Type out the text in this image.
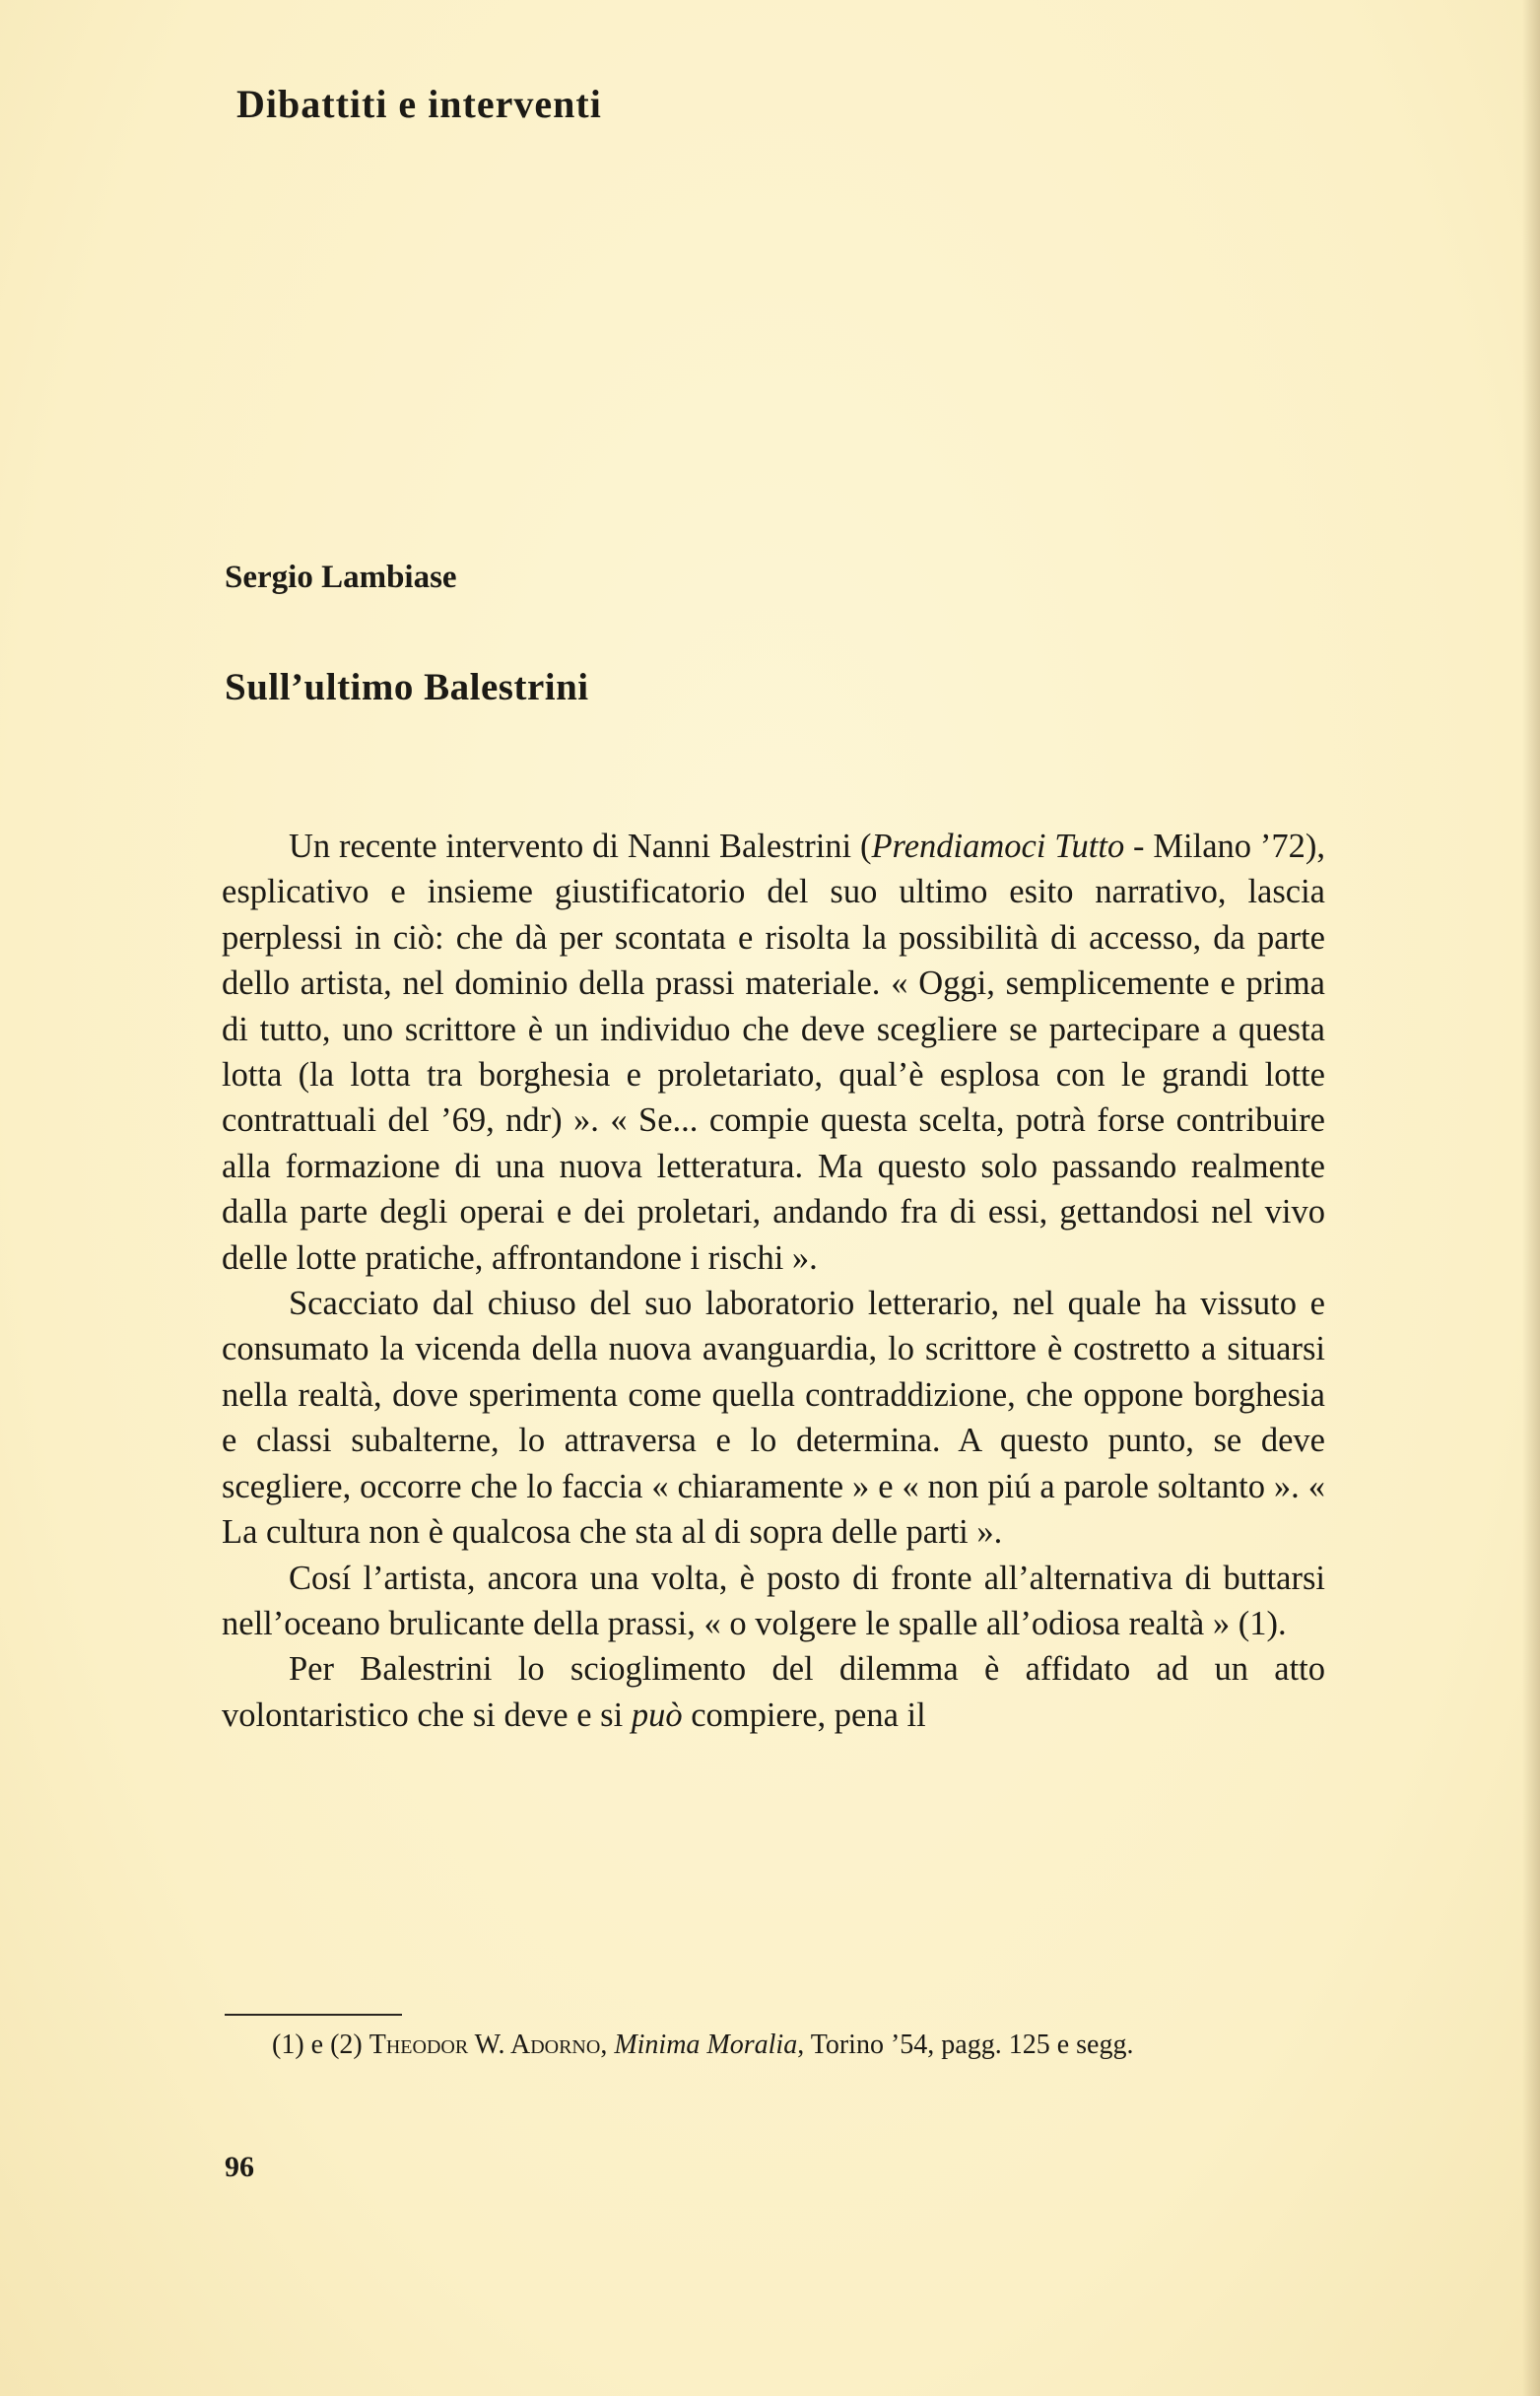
Dibattiti e interventi
Sergio Lambiase
Sull’ultimo Balestrini

Un recente intervento di Nanni Balestrini (Prendiamoci Tutto - Milano ’72), esplicativo e insieme giustificatorio del suo ultimo esito narrativo, lascia perplessi in ciò: che dà per scontata e risolta la possibilità di accesso, da parte dello artista, nel dominio della prassi materiale. « Oggi, semplicemente e prima di tutto, uno scrittore è un individuo che deve scegliere se partecipare a questa lotta (la lotta tra borghesia e proletariato, qual’è esplosa con le grandi lotte contrattuali del ’69, ndr) ». « Se... compie questa scelta, potrà forse contribuire alla formazione di una nuova letteratura. Ma questo solo passando realmente dalla parte degli operai e dei proletari, andando fra di essi, gettandosi nel vivo delle lotte pratiche, affrontandone i rischi ».

Scacciato dal chiuso del suo laboratorio letterario, nel quale ha vissuto e consumato la vicenda della nuova avanguardia, lo scrittore è costretto a situarsi nella realtà, dove sperimenta come quella contraddizione, che oppone borghesia e classi subalterne, lo attraversa e lo determina. A questo punto, se deve scegliere, occorre che lo faccia « chiaramente » e « non piú a parole soltanto ». « La cultura non è qualcosa che sta al di sopra delle parti ».

Cosí l’artista, ancora una volta, è posto di fronte all’alternativa di buttarsi nell’oceano brulicante della prassi, « o volgere le spalle all’odiosa realtà » (1).

Per Balestrini lo scioglimento del dilemma è affidato ad un atto volontaristico che si deve e si può compiere, pena il

(1) e (2) Theodor W. Adorno, Minima Moralia, Torino ’54, pagg. 125 e segg.

96
